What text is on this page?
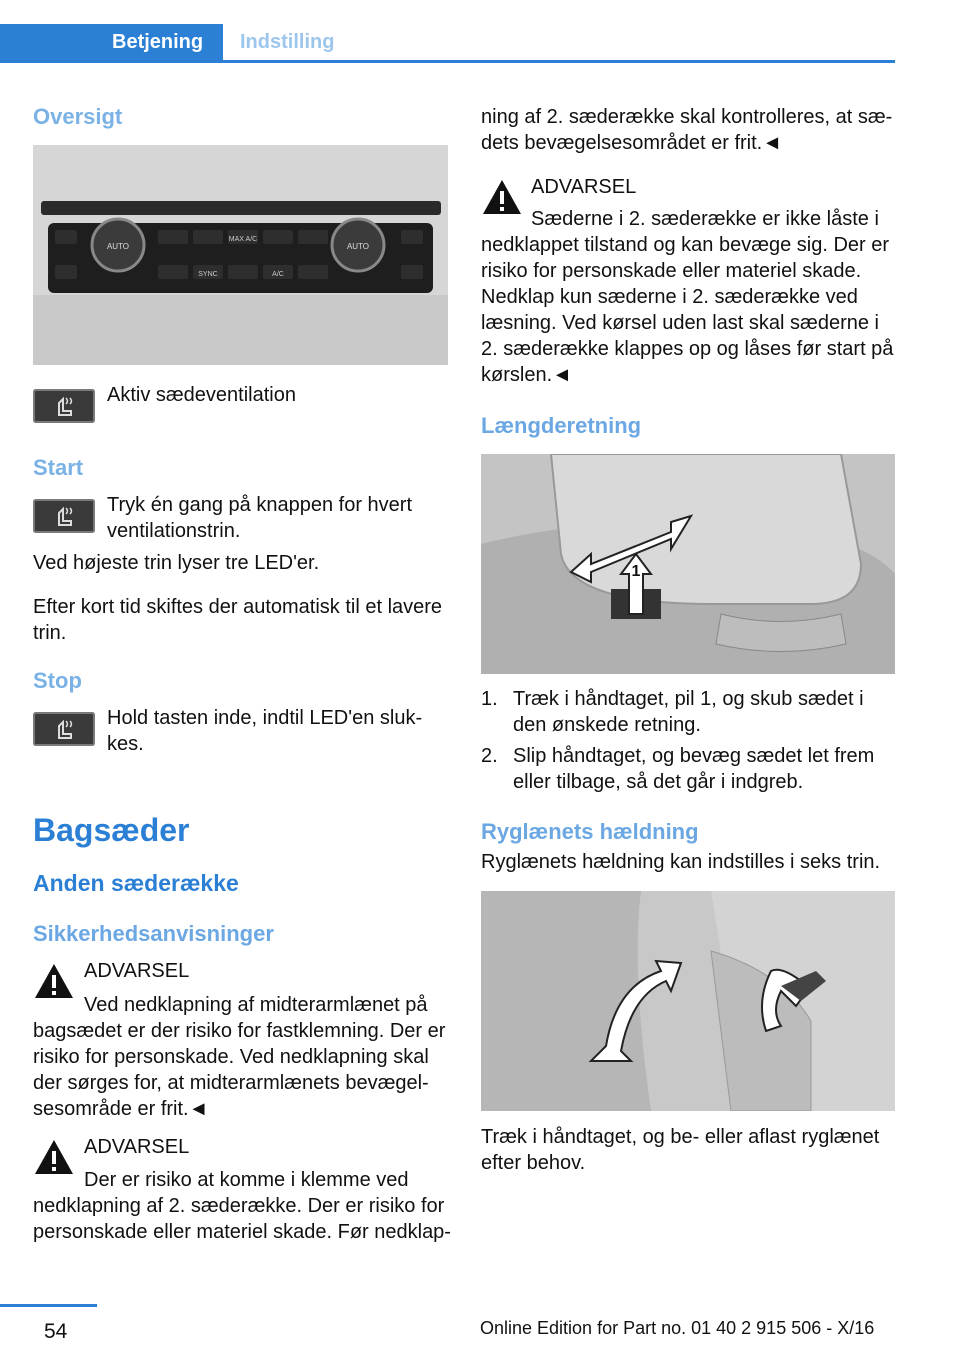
Betjening Indstilling
Oversigt
AUTO	AUTO
MAX A/C
SYNC	A/C
Aktiv sædeventilation
Start
Tryk én gang på knappen for hvert ventilationstrin.
Ved højeste trin lyser tre LED'er.
Efter kort tid skiftes der automatisk til et lavere trin.
Stop
Hold tasten inde, indtil LED'en sluk-kes.
Bagsæder
Anden sæderække
Sikkerhedsanvisninger
ADVARSEL
Ved nedklapning af midterarmlænet på bagsædet er der risiko for fastklemning. Der er risiko for personskade. Ved nedklapning skal der sørges for, at midterarmlænets bevægel-sesområde er frit.◄
ADVARSEL
Der er risiko at komme i klemme ved nedklapning af 2. sæderække. Der er risiko for personskade eller materiel skade. Før nedklap-
ning af 2. sæderække skal kontrolleres, at sæ-dets bevægelsesområdet er frit.◄
ADVARSEL
Sæderne i 2. sæderække er ikke låste i nedklappet tilstand og kan bevæge sig. Der er risiko for personskade eller materiel skade. Nedklap kun sæderne i 2. sæderække ved læsning. Ved kørsel uden last skal sæderne i 2. sæderække klappes op og låses før start på kørslen.◄
Længderetning
1
1. Træk i håndtaget, pil 1, og skub sædet i den ønskede retning.
2. Slip håndtaget, og bevæg sædet let frem eller tilbage, så det går i indgreb.
Ryglænets hældning
Ryglænets hældning kan indstilles i seks trin.
Træk i håndtaget, og be- eller aflast ryglænet efter behov.
54	Online Edition for Part no. 01 40 2 915 506 - X/16
